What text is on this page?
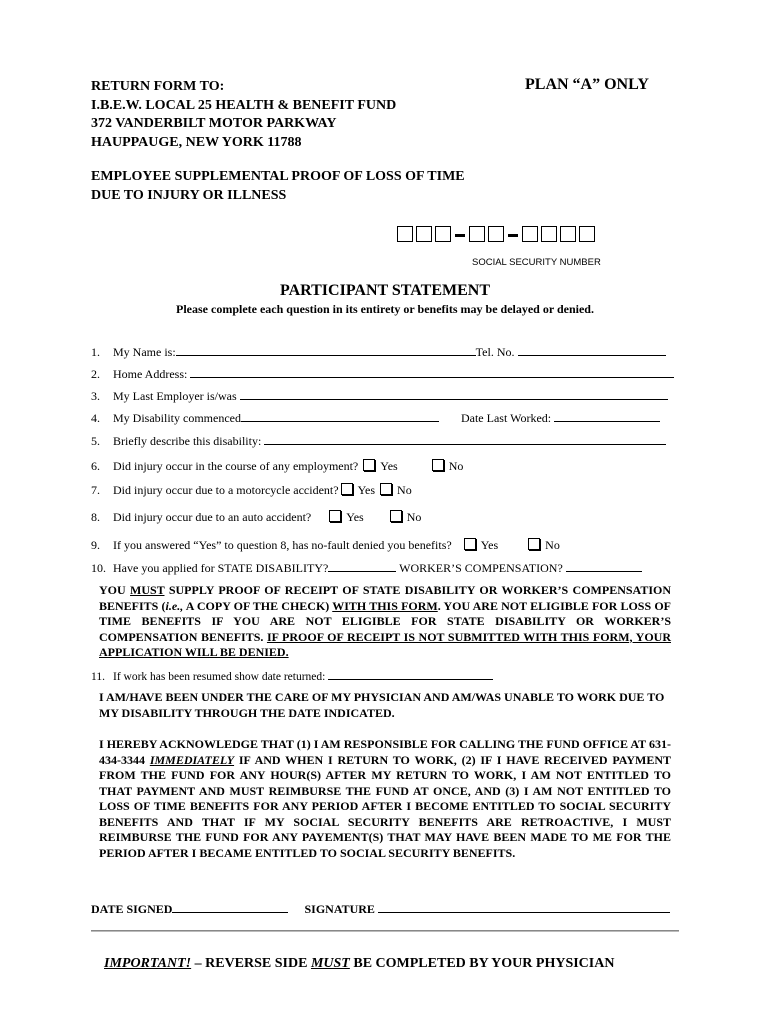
RETURN FORM TO:
I.B.E.W. LOCAL 25 HEALTH & BENEFIT FUND
372 VANDERBILT MOTOR PARKWAY
HAUPPAUGE, NEW YORK 11788
PLAN “A” ONLY
EMPLOYEE SUPPLEMENTAL PROOF OF LOSS OF TIME
DUE TO INJURY OR ILLNESS
SOCIAL SECURITY NUMBER
PARTICIPANT STATEMENT
Please complete each question in its entirety or benefits may be delayed or denied.
1. My Name is:	Tel. No.
2. Home Address:
3. My Last Employer is/was
4. My Disability commenced	Date Last Worked:
5. Briefly describe this disability:
6. Did injury occur in the course of any employment? Yes	No
7. Did injury occur due to a motorcycle accident? Yes No
8. Did injury occur due to an auto accident?	Yes	No
9. If you answered “Yes” to question 8, has no-fault denied you benefits? Yes	No
10. Have you applied for STATE DISABILITY?	WORKER’S COMPENSATION?
YOU MUST SUPPLY PROOF OF RECEIPT OF STATE DISABILITY OR WORKER’S COMPENSATION BENEFITS (i.e., A COPY OF THE CHECK) WITH THIS FORM. YOU ARE NOT ELIGIBLE FOR LOSS OF TIME BENEFITS IF YOU ARE NOT ELIGIBLE FOR STATE DISABILITY OR WORKER’S COMPENSATION BENEFITS. IF PROOF OF RECEIPT IS NOT SUBMITTED WITH THIS FORM, YOUR APPLICATION WILL BE DENIED.
11. If work has been resumed show date returned:
I AM/HAVE BEEN UNDER THE CARE OF MY PHYSICIAN AND AM/WAS UNABLE TO WORK DUE TO MY DISABILITY THROUGH THE DATE INDICATED.
I HEREBY ACKNOWLEDGE THAT (1) I AM RESPONSIBLE FOR CALLING THE FUND OFFICE AT 631-434-3344 IMMEDIATELY IF AND WHEN I RETURN TO WORK, (2) IF I HAVE RECEIVED PAYMENT FROM THE FUND FOR ANY HOUR(S) AFTER MY RETURN TO WORK, I AM NOT ENTITLED TO THAT PAYMENT AND MUST REIMBURSE THE FUND AT ONCE, AND (3) I AM NOT ENTITLED TO LOSS OF TIME BENEFITS FOR ANY PERIOD AFTER I BECOME ENTITLED TO SOCIAL SECURITY BENEFITS AND THAT IF MY SOCIAL SECURITY BENEFITS ARE RETROACTIVE, I MUST REIMBURSE THE FUND FOR ANY PAYEMENT(S) THAT MAY HAVE BEEN MADE TO ME FOR THE PERIOD AFTER I BECAME ENTITLED TO SOCIAL SECURITY BENEFITS.
DATE SIGNED	SIGNATURE
IMPORTANT! – REVERSE SIDE MUST BE COMPLETED BY YOUR PHYSICIAN
